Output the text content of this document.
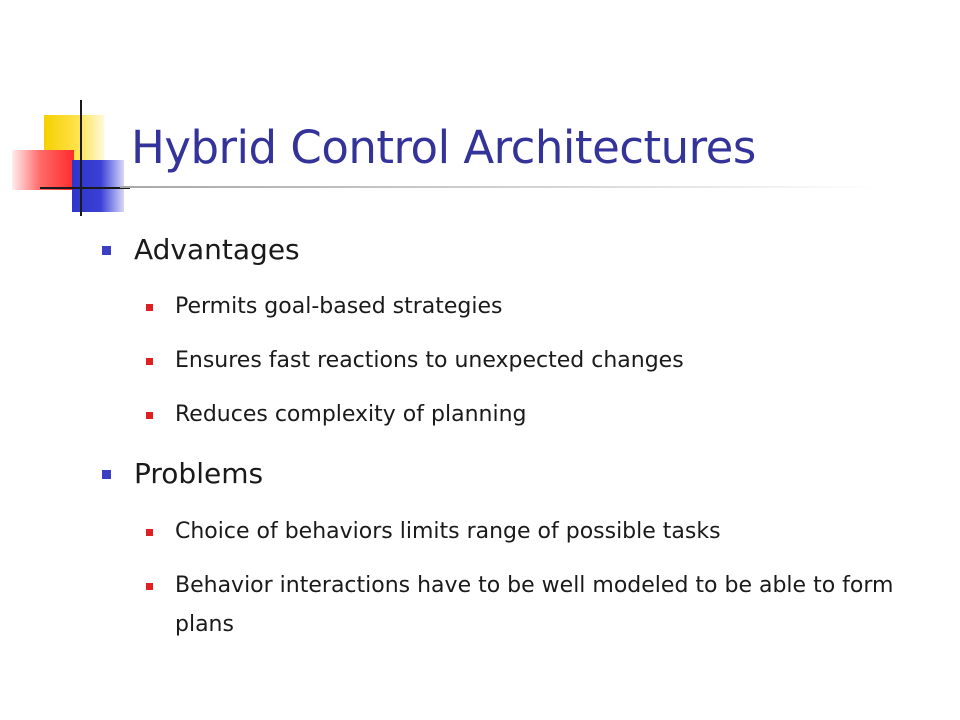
Hybrid Control Architectures
Advantages
Permits goal-based strategies
Ensures fast reactions to unexpected changes
Reduces complexity of planning
Problems
Choice of behaviors limits range of possible tasks
Behavior interactions have to be well modeled to be able to form plans
